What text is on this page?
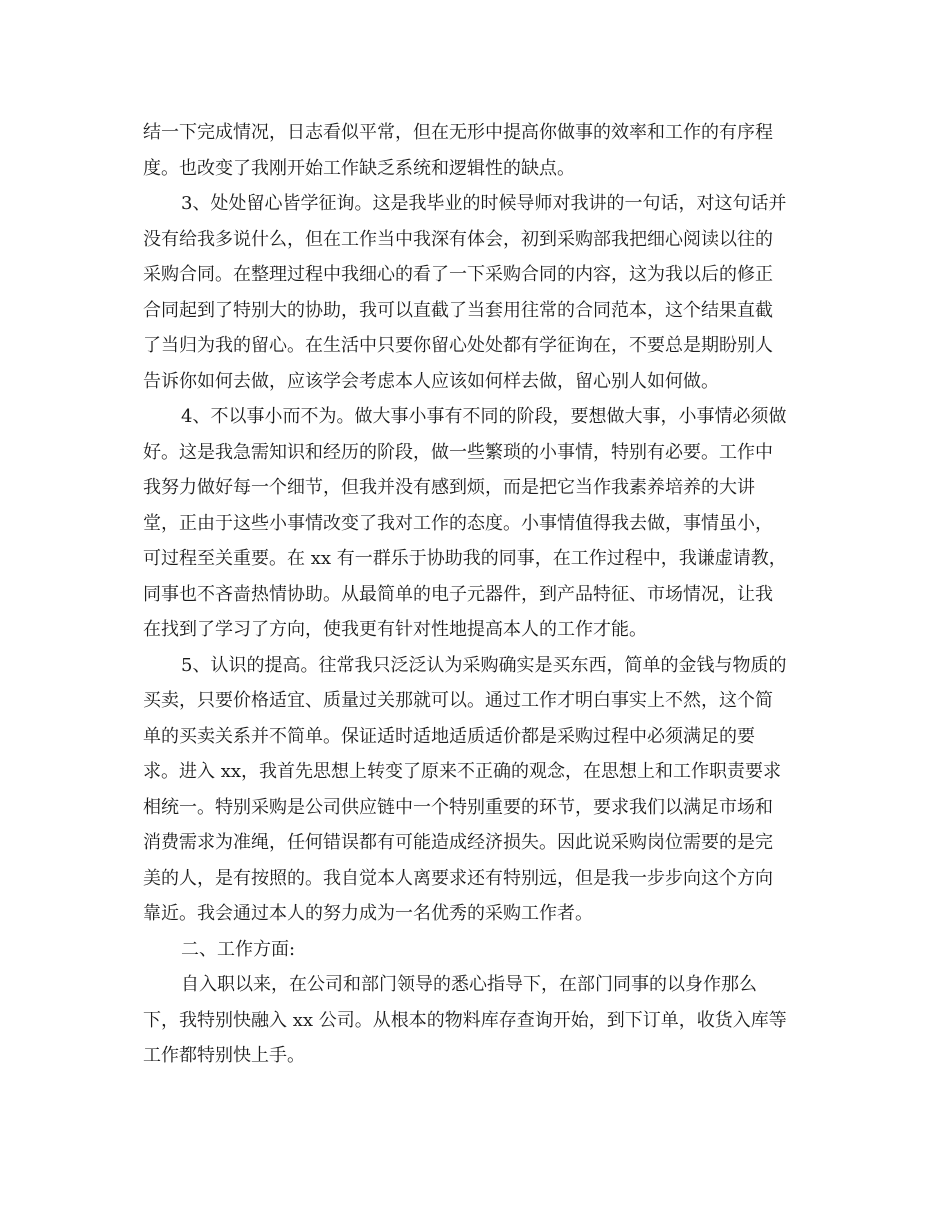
结一下完成情况，日志看似平常，但在无形中提高你做事的效率和工作的有序程
度。也改变了我刚开始工作缺乏系统和逻辑性的缺点。
3、处处留心皆学征询。这是我毕业的时候导师对我讲的一句话，对这句话并
没有给我多说什么，但在工作当中我深有体会，初到采购部我把细心阅读以往的
采购合同。在整理过程中我细心的看了一下采购合同的内容，这为我以后的修正
合同起到了特别大的协助，我可以直截了当套用往常的合同范本，这个结果直截
了当归为我的留心。在生活中只要你留心处处都有学征询在，不要总是期盼别人
告诉你如何去做，应该学会考虑本人应该如何样去做，留心别人如何做。
4、不以事小而不为。做大事小事有不同的阶段，要想做大事，小事情必须做
好。这是我急需知识和经历的阶段，做一些繁琐的小事情，特别有必要。工作中
我努力做好每一个细节，但我并没有感到烦，而是把它当作我素养培养的大讲
堂，正由于这些小事情改变了我对工作的态度。小事情值得我去做，事情虽小，
可过程至关重要。在 xx 有一群乐于协助我的同事，在工作过程中，我谦虚请教，
同事也不吝啬热情协助。从最简单的电子元器件，到产品特征、市场情况，让我
在找到了学习了方向，使我更有针对性地提高本人的工作才能。
5、认识的提高。往常我只泛泛认为采购确实是买东西，简单的金钱与物质的
买卖，只要价格适宜、质量过关那就可以。通过工作才明白事实上不然，这个简
单的买卖关系并不简单。保证适时适地适质适价都是采购过程中必须满足的要
求。进入 xx，我首先思想上转变了原来不正确的观念，在思想上和工作职责要求
相统一。特别采购是公司供应链中一个特别重要的环节，要求我们以满足市场和
消费需求为准绳，任何错误都有可能造成经济损失。因此说采购岗位需要的是完
美的人，是有按照的。我自觉本人离要求还有特别远，但是我一步步向这个方向
靠近。我会通过本人的努力成为一名优秀的采购工作者。
二、工作方面:
自入职以来，在公司和部门领导的悉心指导下，在部门同事的以身作那么
下，我特别快融入 xx 公司。从根本的物料库存查询开始，到下订单，收货入库等
工作都特别快上手。
